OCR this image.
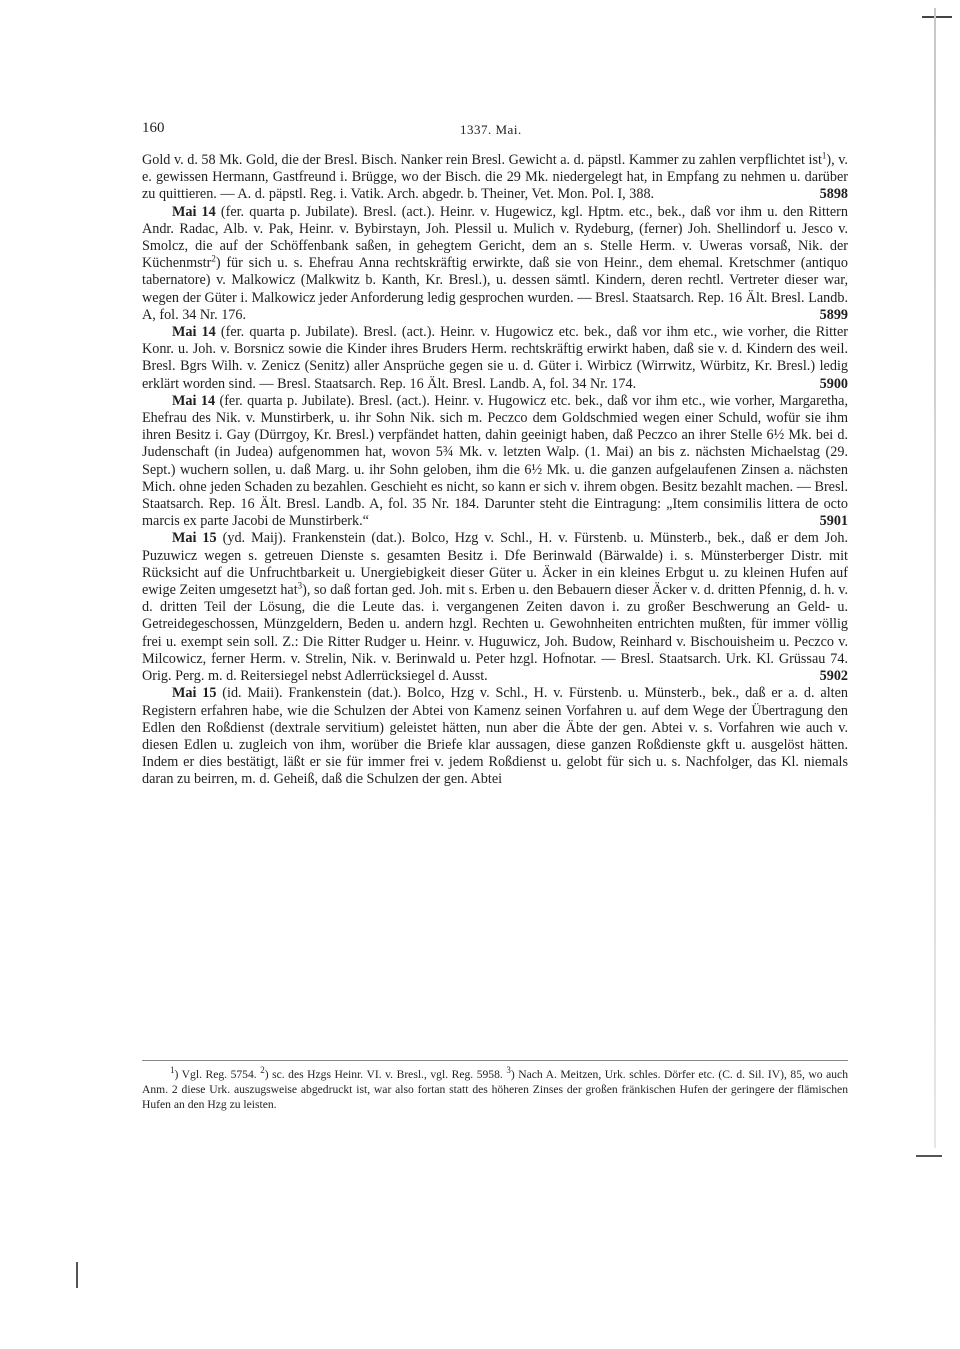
160	1337. Mai.

Gold v. d. 58 Mk. Gold, die der Bresl. Bisch. Nanker rein Bresl. Gewicht a. d. päpstl. Kammer zu zahlen verpflichtet ist$^1$), v. e. gewissen Hermann, Gastfreund i. Brügge, wo der Bisch. die 29 Mk. niedergelegt hat, in Empfang zu nehmen u. darüber zu quittieren. — A. d. päpstl. Reg. i. Vatik. Arch. abgedr. b. Theiner, Vet. Mon. Pol. I, 388.	5898

Mai 14 (fer. quarta p. Jubilate). Bresl. (act.). Heinr. v. Hugewicz, kgl. Hptm. etc., bek., daß vor ihm u. den Rittern Andr. Radac, Alb. v. Pak, Heinr. v. Bybirstayn, Joh. Plessil u. Mulich v. Rydeburg, (ferner) Joh. Shellindorf u. Jesco v. Smolcz, die auf der Schöffenbank saßen, in gehegtem Gericht, dem an s. Stelle Herm. v. Uweras vorsaß, Nik. der Küchenmstr$^2$) für sich u. s. Ehefrau Anna rechtskräftig erwirkte, daß sie von Heinr., dem ehemal. Kretschmer (antiquo tabernatore) v. Malkowicz (Malkwitz b. Kanth, Kr. Bresl.), u. dessen sämtl. Kindern, deren rechtl. Vertreter dieser war, wegen der Güter i. Malkowicz jeder Anforderung ledig gesprochen wurden. — Bresl. Staatsarch. Rep. 16 Ält. Bresl. Landb. A, fol. 34 Nr. 176.	5899

Mai 14 (fer. quarta p. Jubilate). Bresl. (act.). Heinr. v. Hugowicz etc. bek., daß vor ihm etc., wie vorher, die Ritter Konr. u. Joh. v. Borsnicz sowie die Kinder ihres Bruders Herm. rechtskräftig erwirkt haben, daß sie v. d. Kindern des weil. Bresl. Bgrs Wilh. v. Zenicz (Senitz) aller Ansprüche gegen sie u. d. Güter i. Wirbicz (Wirrwitz, Würbitz, Kr. Bresl.) ledig erklärt worden sind. — Bresl. Staatsarch. Rep. 16 Ält. Bresl. Landb. A, fol. 34 Nr. 174.	5900

Mai 14 (fer. quarta p. Jubilate). Bresl. (act.). Heinr. v. Hugowicz etc. bek., daß vor ihm etc., wie vorher, Margaretha, Ehefrau des Nik. v. Munstirberk, u. ihr Sohn Nik. sich m. Peczco dem Goldschmied wegen einer Schuld, wofür sie ihm ihren Besitz i. Gay (Dürrgoy, Kr. Bresl.) verpfändet hatten, dahin geeinigt haben, daß Peczco an ihrer Stelle 6½ Mk. bei d. Judenschaft (in Judea) aufgenommen hat, wovon 5¾ Mk. v. letzten Walp. (1. Mai) an bis z. nächsten Michaelstag (29. Sept.) wuchern sollen, u. daß Marg. u. ihr Sohn geloben, ihm die 6½ Mk. u. die ganzen aufgelaufenen Zinsen a. nächsten Mich. ohne jeden Schaden zu bezahlen. Geschieht es nicht, so kann er sich v. ihrem obgen. Besitz bezahlt machen. — Bresl. Staatsarch. Rep. 16 Ält. Bresl. Landb. A, fol. 35 Nr. 184. Darunter steht die Eintragung: „Item consimilis littera de octo marcis ex parte Jacobi de Munstirberk.“	5901

Mai 15 (yd. Maij). Frankenstein (dat.). Bolco, Hzg v. Schl., H. v. Fürstenb. u. Münsterb., bek., daß er dem Joh. Puzuwicz wegen s. getreuen Dienste s. gesamten Besitz i. Dfe Berinwald (Bärwalde) i. s. Münsterberger Distr. mit Rücksicht auf die Unfruchtbarkeit u. Unergiebigkeit dieser Güter u. Äcker in ein kleines Erbgut u. zu kleinen Hufen auf ewige Zeiten umgesetzt hat$^3$), so daß fortan ged. Joh. mit s. Erben u. den Bebauern dieser Äcker v. d. dritten Pfennig, d. h. v. d. dritten Teil der Lösung, die die Leute das. i. vergangenen Zeiten davon i. zu großer Beschwerung an Geld- u. Getreidegeschossen, Münzgeldern, Beden u. andern hzgl. Rechten u. Gewohnheiten entrichten mußten, für immer völlig frei u. exempt sein soll. Z.: Die Ritter Rudger u. Heinr. v. Huguwicz, Joh. Budow, Reinhard v. Bischouisheim u. Peczco v. Milcowicz, ferner Herm. v. Strelin, Nik. v. Berinwald u. Peter hzgl. Hofnotar. — Bresl. Staatsarch. Urk. Kl. Grüssau 74. Orig. Perg. m. d. Reitersiegel nebst Adlerrücksiegel d. Ausst.	5902

Mai 15 (id. Maii). Frankenstein (dat.). Bolco, Hzg v. Schl., H. v. Fürstenb. u. Münsterb., bek., daß er a. d. alten Registern erfahren habe, wie die Schulzen der Abtei von Kamenz seinen Vorfahren u. auf dem Wege der Übertragung den Edlen den Roßdienst (dextrale servitium) geleistet hätten, nun aber die Äbte der gen. Abtei v. s. Vorfahren wie auch v. diesen Edlen u. zugleich von ihm, worüber die Briefe klar aussagen, diese ganzen Roßdienste gkft u. ausgelöst hätten. Indem er dies bestätigt, läßt er sie für immer frei v. jedem Roßdienst u. gelobt für sich u. s. Nachfolger, das Kl. niemals daran zu beirren, m. d. Geheiß, daß die Schulzen der gen. Abtei

$^1$) Vgl. Reg. 5754. $^2$) sc. des Hzgs Heinr. VI. v. Bresl., vgl. Reg. 5958. $^3$) Nach A. Meitzen, Urk. schles. Dörfer etc. (C. d. Sil. IV), 85, wo auch Anm. 2 diese Urk. auszugsweise abgedruckt ist, war also fortan statt des höheren Zinses der großen fränkischen Hufen der geringere der flämischen Hufen an den Hzg zu leisten.
